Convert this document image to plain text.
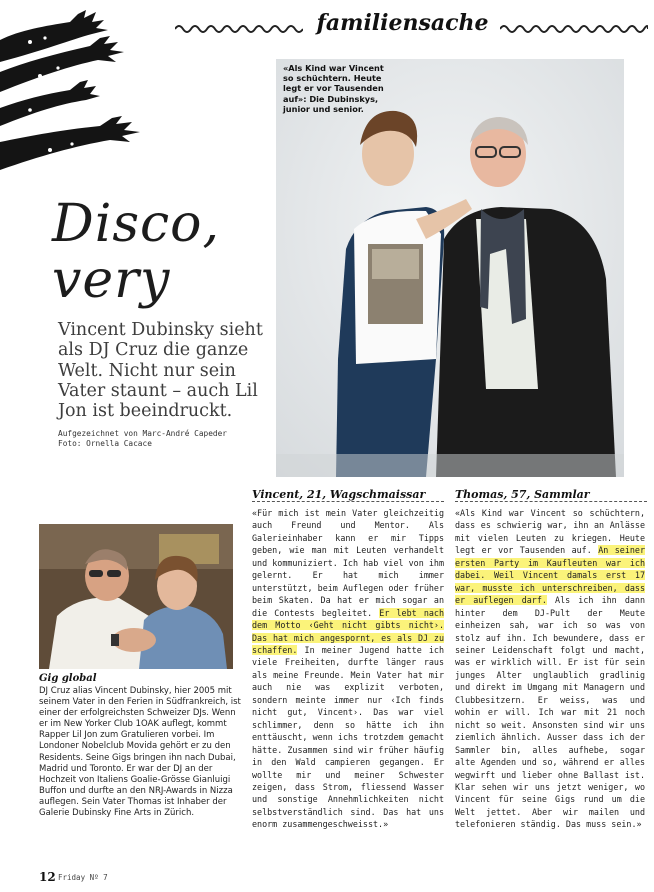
familiensache
«Als Kind war Vincent so schüchtern. Heute legt er vor Tausenden auf»: Die Dubinskys, junior und senior.
Disco,
very
Vincent Dubinsky sieht als DJ Cruz die ganze Welt. Nicht nur sein Vater staunt – auch Lil Jon ist beeindruckt.
Aufgezeichnet von Marc-André Capeder
Foto: Ornella Cacace
Gig global
DJ Cruz alias Vincent Dubinsky, hier 2005 mit seinem Vater in den Ferien in Südfrankreich, ist einer der erfolgreichsten Schweizer DJs. Wenn er im New Yorker Club 1OAK auflegt, kommt Rapper Lil Jon zum Gratulieren vorbei. Im Londoner Nobelclub Movida gehört er zu den Residents. Seine Gigs bringen ihn nach Dubai, Madrid und Toronto. Er war der DJ an der Hochzeit von Italiens Goalie-Grösse Gianluigi Buffon und durfte an den NRJ-Awards in Nizza auflegen. Sein Vater Thomas ist Inhaber der Galerie Dubinsky Fine Arts in Zürich.
Vincent, 21, Wagschmaissar
«Für mich ist mein Vater gleichzeitig auch Freund und Mentor. Als Galerieinhaber kann er mir Tipps geben, wie man mit Leuten verhandelt und kommuniziert. Ich hab viel von ihm gelernt. Er hat mich immer unterstützt, beim Auflegen oder früher beim Skaten. Da hat er mich sogar an die Contests begleitet. Er lebt nach dem Motto ‹Geht nicht gibts nicht›. Das hat mich angespornt, es als DJ zu schaffen. In meiner Jugend hatte ich viele Freiheiten, durfte länger raus als meine Freunde. Mein Vater hat mir auch nie was explizit verboten, sondern meinte immer nur ‹Ich finds nicht gut, Vincent›. Das war viel schlimmer, denn so hätte ich ihn enttäuscht, wenn ichs trotzdem gemacht hätte. Zusammen sind wir früher häufig in den Wald campieren gegangen. Er wollte mir und meiner Schwester zeigen, dass Strom, fliessend Wasser und sonstige Annehmlichkeiten nicht selbstverständlich sind. Das hat uns enorm zusammengeschweisst.»
Thomas, 57, Sammlar
«Als Kind war Vincent so schüchtern, dass es schwierig war, ihn an Anlässe mit vielen Leuten zu kriegen. Heute legt er vor Tausenden auf. An seiner ersten Party im Kaufleuten war ich dabei. Weil Vincent damals erst 17 war, musste ich unterschreiben, dass er auflegen darf. Als ich ihn dann hinter dem DJ-Pult der Meute einheizen sah, war ich so was von stolz auf ihn. Ich bewundere, dass er seiner Leidenschaft folgt und macht, was er wirklich will. Er ist für sein junges Alter unglaublich gradlinig und direkt im Umgang mit Managern und Clubbesitzern. Er weiss, was und wohin er will. Ich war mit 21 noch nicht so weit. Ansonsten sind wir uns ziemlich ähnlich. Ausser dass ich der Sammler bin, alles aufhebe, sogar alte Agenden und so, während er alles wegwirft und lieber ohne Ballast ist. Klar sehen wir uns jetzt weniger, wo Vincent für seine Gigs rund um die Welt jettet. Aber wir mailen und telefonieren ständig. Das muss sein.»
12 Friday Nº 7
